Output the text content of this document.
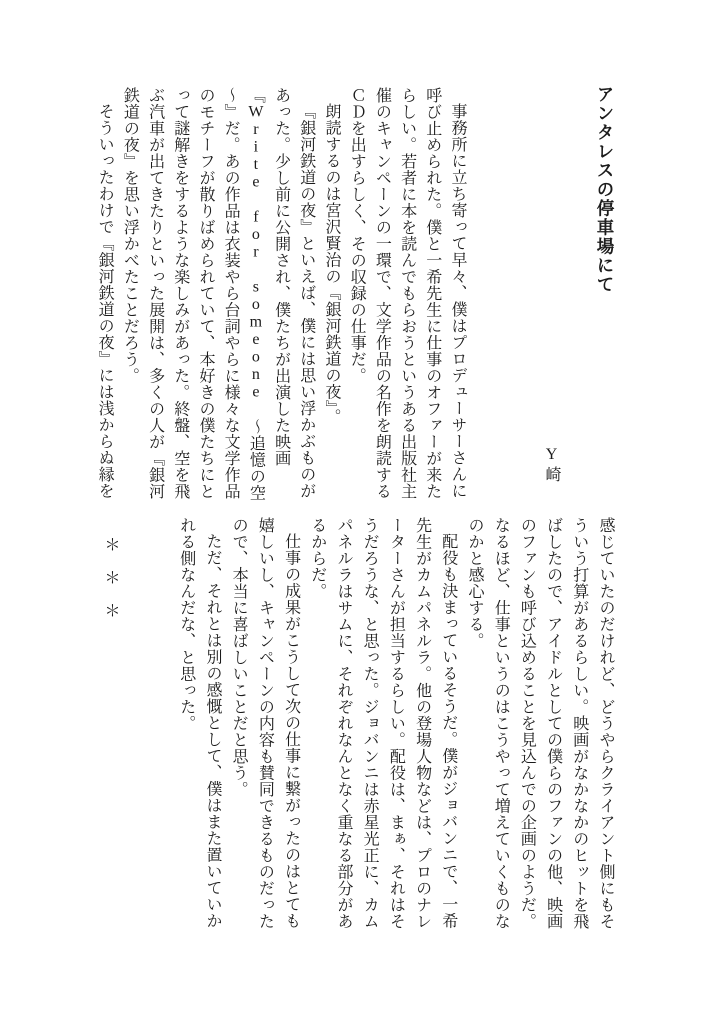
アンタレスの停車場にて
Y崎

事務所に立ち寄って早々、僕はプロデューサーさんに呼び止められた。僕と一希先生に仕事のオファーが来たらしい。若者に本を読んでもらおうというある出版社主催のキャンペーンの一環で、文学作品の名作を朗読するＣＤを出すらしく、その収録の仕事だ。

朗読するのは宮沢賢治の『銀河鉄道の夜』。

『銀河鉄道の夜』といえば、僕には思い浮かぶものがあった。少し前に公開され、僕たちが出演した映画『Write for someone ～追憶の空～』だ。あの作品は衣装やら台詞やらに様々な文学作品のモチーフが散りばめられていて、本好きの僕たちにとって謎解きをするような楽しみがあった。終盤、空を飛ぶ汽車が出てきたりといった展開は、多くの人が『銀河鉄道の夜』を思い浮かべたことだろう。

そういったわけで『銀河鉄道の夜』には浅からぬ縁を

感じていたのだけれど、どうやらクライアント側にもそういう打算があるらしい。映画がなかなかのヒットを飛ばしたので、アイドルとしての僕らのファンの他、映画のファンも呼び込めることを見込んでの企画のようだ。なるほど、仕事というのはこうやって増えていくものなのかと感心する。

配役も決まっているそうだ。僕がジョバンニで、一希先生がカムパネルラ。他の登場人物などは、プロのナレーターさんが担当するらしい。配役は、まぁ、それはそうだろうな、と思った。ジョバンニは赤星光正に、カムパネルラはサムに、それぞれなんとなく重なる部分があるからだ。

仕事の成果がこうして次の仕事に繋がったのはとても嬉しいし、キャンペーンの内容も賛同できるものだったので、本当に喜ばしいことだと思う。

ただ、それとは別の感慨として、僕はまた置いていかれる側なんだな、と思った。

＊　＊　＊
